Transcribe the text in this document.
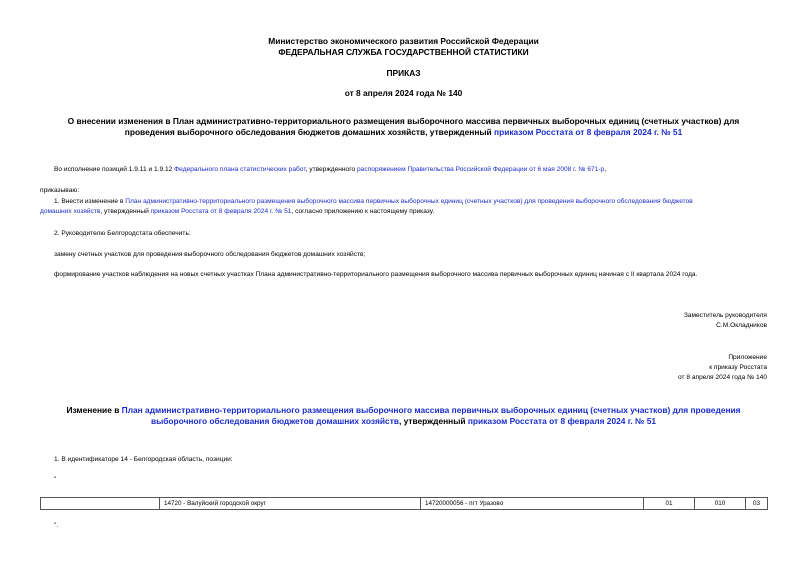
Министерство экономического развития Российской Федерации
ФЕДЕРАЛЬНАЯ СЛУЖБА ГОСУДАРСТВЕННОЙ СТАТИСТИКИ
ПРИКАЗ
от 8 апреля 2024 года № 140
О внесении изменения в План административно-территориального размещения выборочного массива первичных выборочных единиц (счетных участков) для
проведения выборочного обследования бюджетов домашних хозяйств, утвержденный приказом Росстата от 8 февраля 2024 г. № 51
Во исполнение позиций 1.9.11 и 1.9.12 Федерального плана статистических работ, утвержденного распоряжением Правительства Российской Федерации от 6 мая 2008 г. № 671-р,
приказываю:
1. Внести изменение в План административно-территориального размещения выборочного массива первичных выборочных единиц (счетных участков) для проведения выборочного обследования бюджетов
домашних хозяйств, утвержденный приказом Росстата от 8 февраля 2024 г. № 51, согласно приложению к настоящему приказу.
2. Руководителю Белгородстата обеспечить:
замену счетных участков для проведения выборочного обследования бюджетов домашних хозяйств;
формирование участков наблюдения на новых счетных участках Плана административно-территориального размещения выборочного массива первичных выборочных единиц начиная с II квартала 2024 года.
Заместитель руководителя
С.М.Окладников
Приложение
к приказу Росстата
от 8 апреля 2024 года № 140
Изменение в План административно-территориального размещения выборочного массива первичных выборочных единиц (счетных участков) для проведения
выборочного обследования бюджетов домашних хозяйств, утвержденный приказом Росстата от 8 февраля 2024 г. № 51
1. В идентификаторе 14 - Белгородская область, позиции:
"
	14720 - Валуйский городской округ	14720000056 - пгт Уразово	01	010	03
".
